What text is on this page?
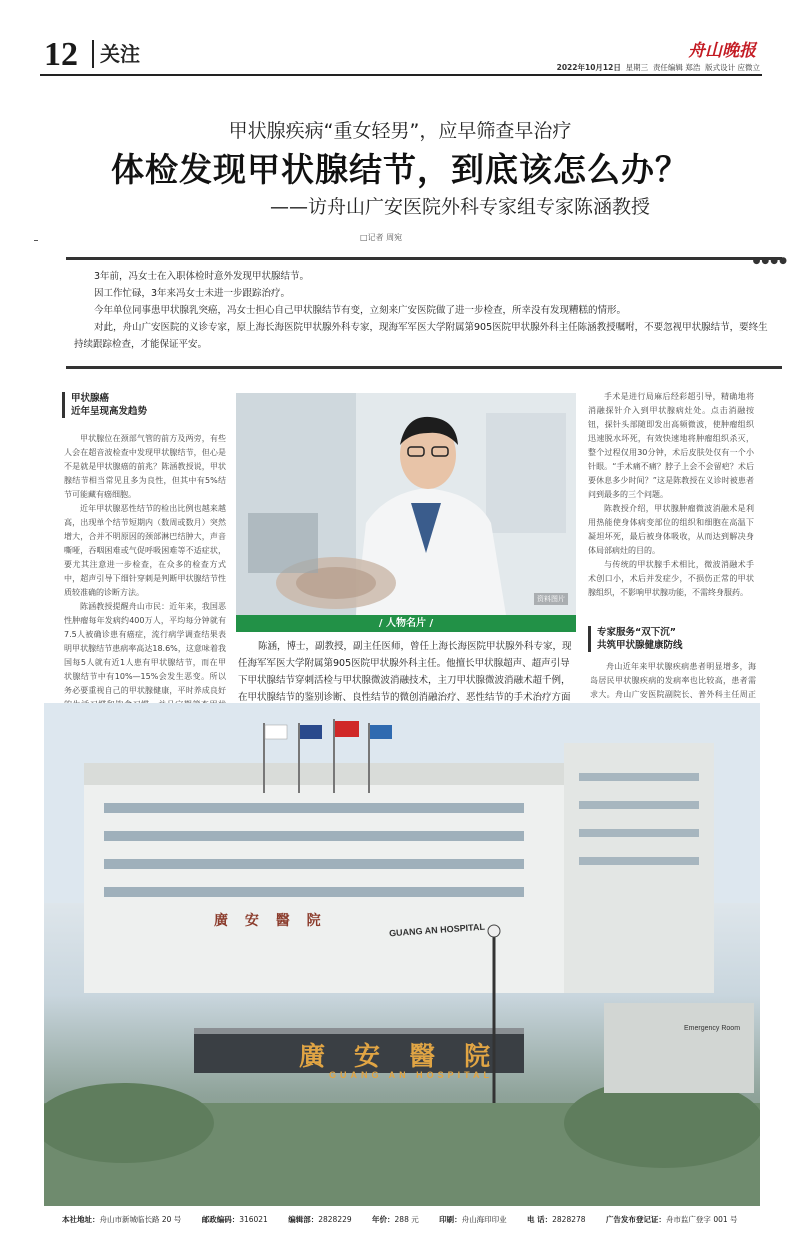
12 关注	舟山晚报
2022年10月12日 星期三 责任编辑 郑浩 版式设计 应微立
甲状腺疾病“重女轻男”，应早筛查早治疗
体检发现甲状腺结节，到底该怎么办？
——访舟山广安医院外科专家组专家陈涵教授
□记者 周宛
●●●●

3年前，冯女士在入职体检时意外发现甲状腺结节。

因工作忙碌，3年来冯女士未进一步跟踪治疗。

今年单位同事患甲状腺乳突癌，冯女士担心自己甲状腺结节有变，立刻来广安医院做了进一步检查，所幸没有发现糟糕的情形。

对此，舟山广安医院的义诊专家，原上海长海医院甲状腺外科专家，现海军军医大学附属第905医院甲状腺外科主任陈涵教授嘱咐，不要忽视甲状腺结节，要终生持续跟踪检查，才能保证平安。

甲状腺癌
近年呈现高发趋势

甲状腺位在颈部气管的前方及两旁，有些人会在超音波检查中发现甲状腺结节，但心是不是就是甲状腺癌的前兆？陈涵教授说，甲状腺结节相当常见且多为良性，但其中有5%结节可能藏有癌细胞。

近年甲状腺恶性结节的检出比例也越来越高，出现单个结节短期内（数周或数月）突然增大，合并不明原因的颈部淋巴结肿大，声音嘶哑，吞咽困难或气促呼吸困难等不适症状，要尤其注意进一步检查，在众多的检查方式中，超声引导下细针穿刺是判断甲状腺结节性质较准确的诊断方法。

陈涵教授提醒舟山市民：近年来，我国恶性肿瘤每年发病约400万人，平均每分钟就有7.5人被确诊患有癌症，流行病学调查结果表明甲状腺结节患病率高达18.6%，这意味着我国每5人就有近1人患有甲状腺结节，而在甲状腺结节中有10%—15%会发生恶变。所以务必要重视自己的甲状腺健康，平时养成良好

手术是进行局麻后经彩超引导，精确地将消融探针介入到甲状腺病灶处。点击消融按钮，探针头部随即发出高频微波，使肿瘤组织迅速脱水坏死，有效快速地将肿瘤组织杀灭，整个过程仅用30分钟，术后皮肤处仅有一个小针眼。“手术痛不痛？脖子上会不会留疤？术后要休息多少时间？”这是陈教授在义诊时被患者问到最多的三个问题。

陈教授介绍，甲状腺肿瘤微波消融术是利用热能使身体病变部位的组织和细胞在高温下凝坦坏死，最后被身体吸收，从而达到解决身体局部病灶的目的。

与传统的甲状腺手术相比，微波消融术手术创口小，术后并发症少，不损伤正常的甲状腺组织，不影响甲状腺功能，不需终身服药。

专家服务“双下沉”
共筑甲状腺健康防线

舟山近年来甲状腺疾病患者明显增多，海岛居民甲状腺疾病的发病率也比较高，患者需求大。舟山广安医院副院长、普外科主任周正

资料图片
/ 人物名片 /
陈涵，博士，副教授，副主任医师，曾任上海长海医院甲状腺外科专家，现任海军军医大学附属第905医院甲状腺外科主任。他擅长甲状腺超声、超声引导下甲状腺结节穿刺活检与甲状腺微波消融技术，主刀甲状腺微波消融术超千例，在甲状腺结节的鉴别诊断、良性结节的微创消融治疗、恶性结节的手术治疗方面
廣 安 醫 院
GUANG AN HOSPITAL
廣 安 醫 院
GUANG AN HOSPITAL
Emergency Room
本社地址：舟山市新城临长路 20 号	邮政编码：316021	编辑部：2828229	年价：288 元	印刷：舟山海印印业	电 话：2828278	广告发布登记证：舟市监广登字 001 号
